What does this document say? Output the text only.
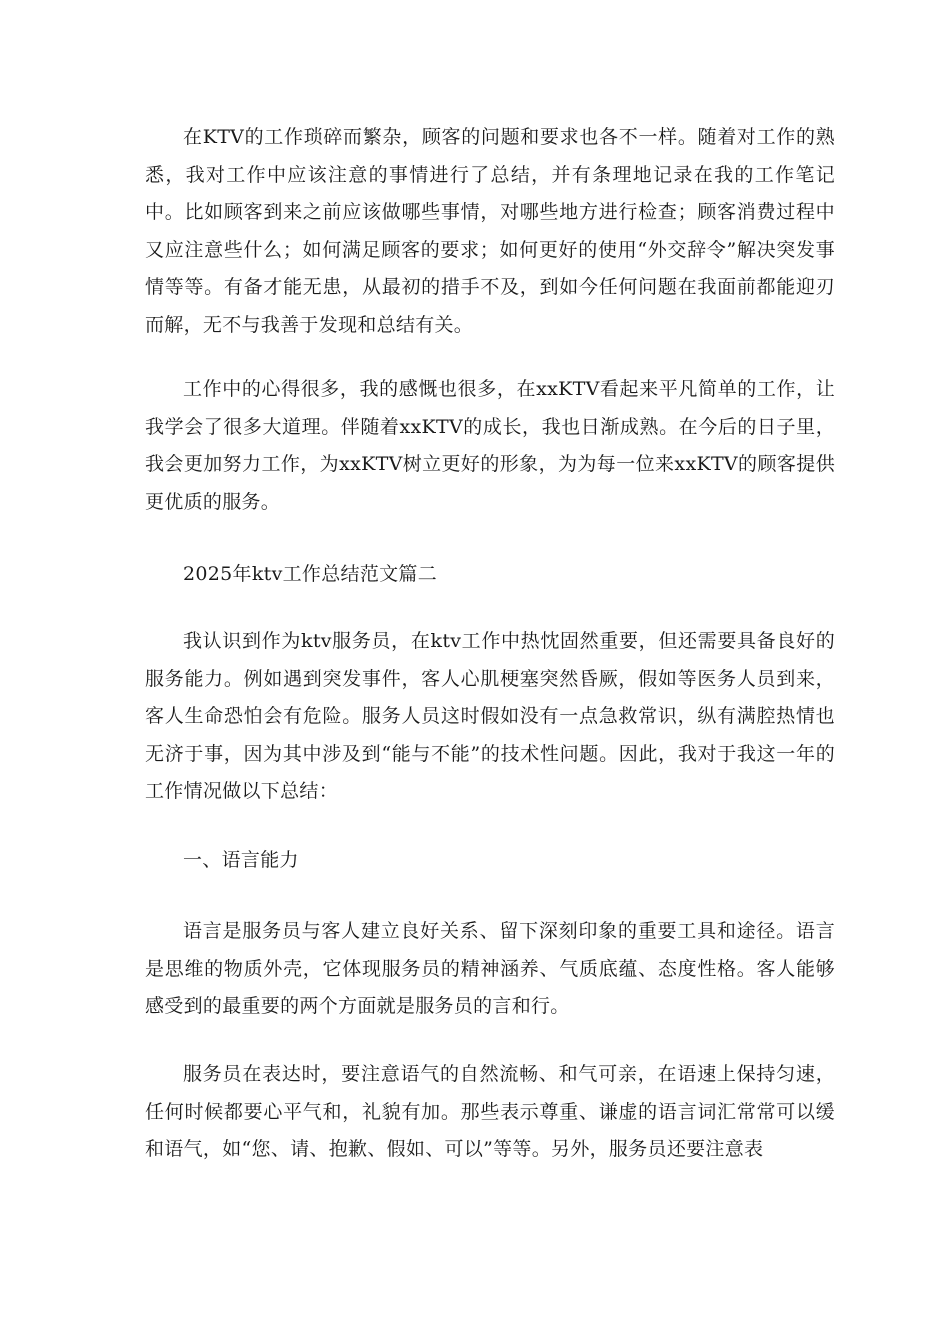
在KTV的工作琐碎而繁杂，顾客的问题和要求也各不一样。随着对工作的熟悉，我对工作中应该注意的事情进行了总结，并有条理地记录在我的工作笔记中。比如顾客到来之前应该做哪些事情，对哪些地方进行检查；顾客消费过程中又应注意些什么；如何满足顾客的要求；如何更好的使用“外交辞令”解决突发事情等等。有备才能无患，从最初的措手不及，到如今任何问题在我面前都能迎刃而解，无不与我善于发现和总结有关。

工作中的心得很多，我的感慨也很多，在xxKTV看起来平凡简单的工作，让我学会了很多大道理。伴随着xxKTV的成长，我也日渐成熟。在今后的日子里，我会更加努力工作，为xxKTV树立更好的形象，为为每一位来xxKTV的顾客提供更优质的服务。

2025年ktv工作总结范文篇二

我认识到作为ktv服务员，在ktv工作中热忱固然重要，但还需要具备良好的服务能力。例如遇到突发事件，客人心肌梗塞突然昏厥，假如等医务人员到来，客人生命恐怕会有危险。服务人员这时假如没有一点急救常识，纵有满腔热情也无济于事，因为其中涉及到“能与不能”的技术性问题。因此，我对于我这一年的工作情况做以下总结：

一、语言能力

语言是服务员与客人建立良好关系、留下深刻印象的重要工具和途径。语言是思维的物质外壳，它体现服务员的精神涵养、气质底蕴、态度性格。客人能够感受到的最重要的两个方面就是服务员的言和行。

服务员在表达时，要注意语气的自然流畅、和气可亲，在语速上保持匀速，任何时候都要心平气和，礼貌有加。那些表示尊重、谦虚的语言词汇常常可以缓和语气，如“您、请、抱歉、假如、可以”等等。另外，服务员还要注意表
